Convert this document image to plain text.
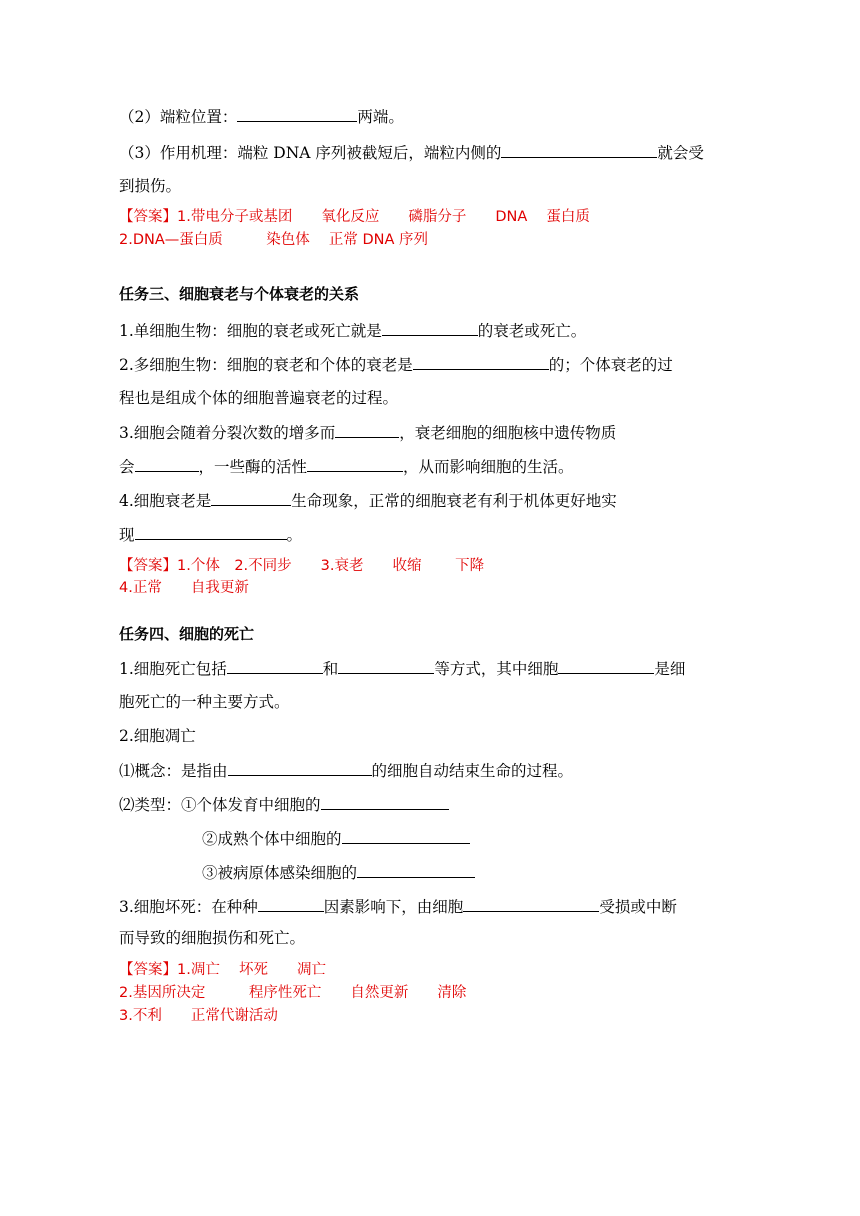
（2）端粒位置：	两端。
（3）作用机理：端粒 DNA 序列被截短后，端粒内侧的	就会受
到损伤。
【答案】1.带电分子或基团　　氧化反应　　磷脂分子　　DNA　 蛋白质
2.DNA—蛋白质　　　染色体　 正常 DNA 序列
任务三、细胞衰老与个体衰老的关系
1.单细胞生物：细胞的衰老或死亡就是	的衰老或死亡。
2.多细胞生物：细胞的衰老和个体的衰老是	的；个体衰老的过
程也是组成个体的细胞普遍衰老的过程。
3.细胞会随着分裂次数的增多而	，衰老细胞的细胞核中遗传物质
会	，一些酶的活性	，从而影响细胞的生活。
4.细胞衰老是	生命现象，正常的细胞衰老有利于机体更好地实
现	。
【答案】1.个体　2.不同步　　3.衰老　　收缩　　 下降
4.正常　　自我更新
任务四、细胞的死亡
1.细胞死亡包括	和	等方式，其中细胞	是细
胞死亡的一种主要方式。
2.细胞凋亡
⑴概念：是指由	的细胞自动结束生命的过程。
⑵类型：①个体发育中细胞的
②成熟个体中细胞的
③被病原体感染细胞的
3.细胞坏死：在种种	因素影响下，由细胞	受损或中断
而导致的细胞损伤和死亡。
【答案】1.凋亡　 坏死　　凋亡
2.基因所决定　　　程序性死亡　　自然更新　　清除
3.不利　　正常代谢活动
